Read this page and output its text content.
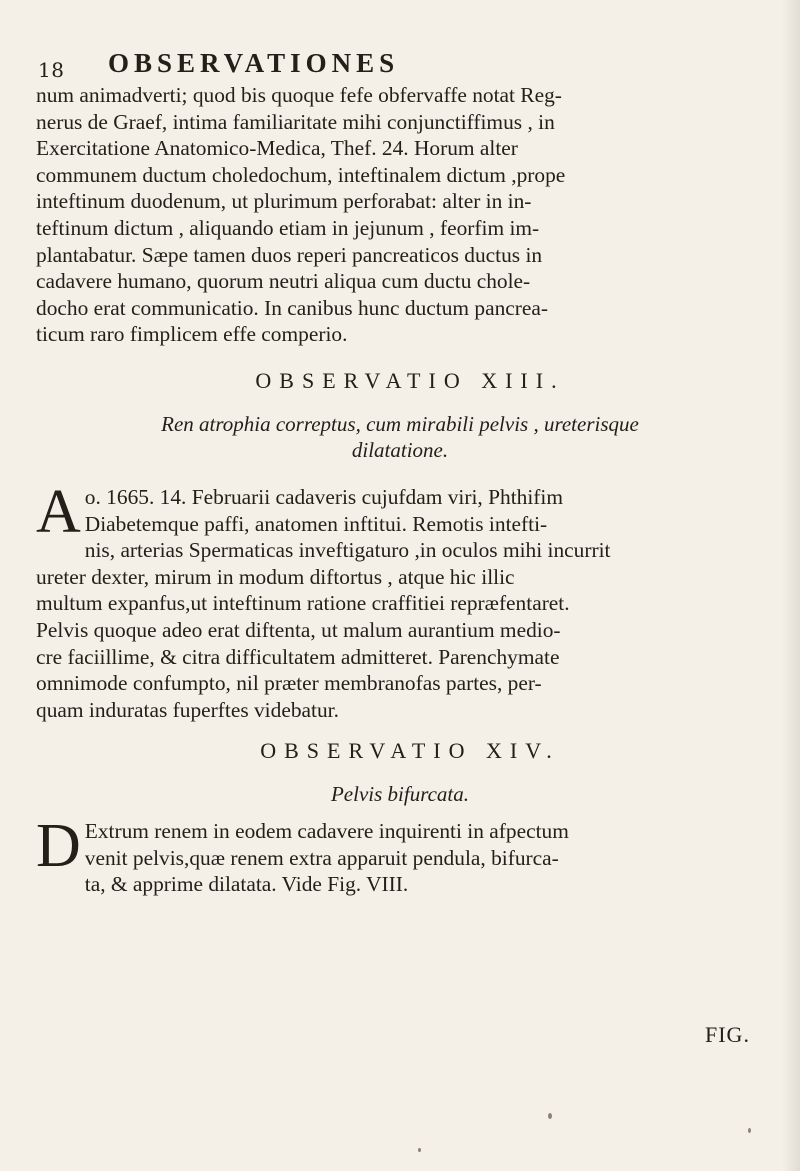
18 OBSERVATIONES
num animadverti; quod bis quoque fefe obfervaffe notat Reg-
nerus de Graef, intima familiaritate mihi conjunctiffimus , in
Exercitatione Anatomico-Medica, Thef. 24. Horum alter
communem ductum choledochum, inteftinalem dictum ,prope
inteftinum duodenum, ut plurimum perforabat: alter in in-
teftinum dictum , aliquando etiam in jejunum , feorfim im-
plantabatur. Sæpe tamen duos reperi pancreaticos ductus in
cadavere humano, quorum neutri aliqua cum ductu chole-
docho erat communicatio. In canibus hunc ductum pancrea-
ticum raro fimplicem effe comperio.
OBSERVATIO XIII.
Ren atrophia correptus, cum mirabili pelvis , ureterisque
dilatatione.
A o. 1665. 14. Februarii cadaveris cujufdam viri, Phthifim
Diabetemque paffi, anatomen inftitui. Remotis intefti-
nis, arterias Spermaticas inveftigaturo ,in oculos mihi incurrit
ureter dexter, mirum in modum diftortus , atque hic illic
multum expanfus,ut inteftinum ratione craffitiei repræfentaret.
Pelvis quoque adeo erat diftenta, ut malum aurantium medio-
cre faciillime, & citra difficultatem admitteret. Parenchymate
omnimode confumpto, nil præter membranofas partes, per-
quam induratas fuperftes videbatur.
OBSERVATIO XIV.
Pelvis bifurcata.
D Extrum renem in eodem cadavere inquirenti in afpectum
venit pelvis,quæ renem extra apparuit pendula, bifurca-
ta, & apprime dilatata. Vide Fig. VIII.
FIG.
